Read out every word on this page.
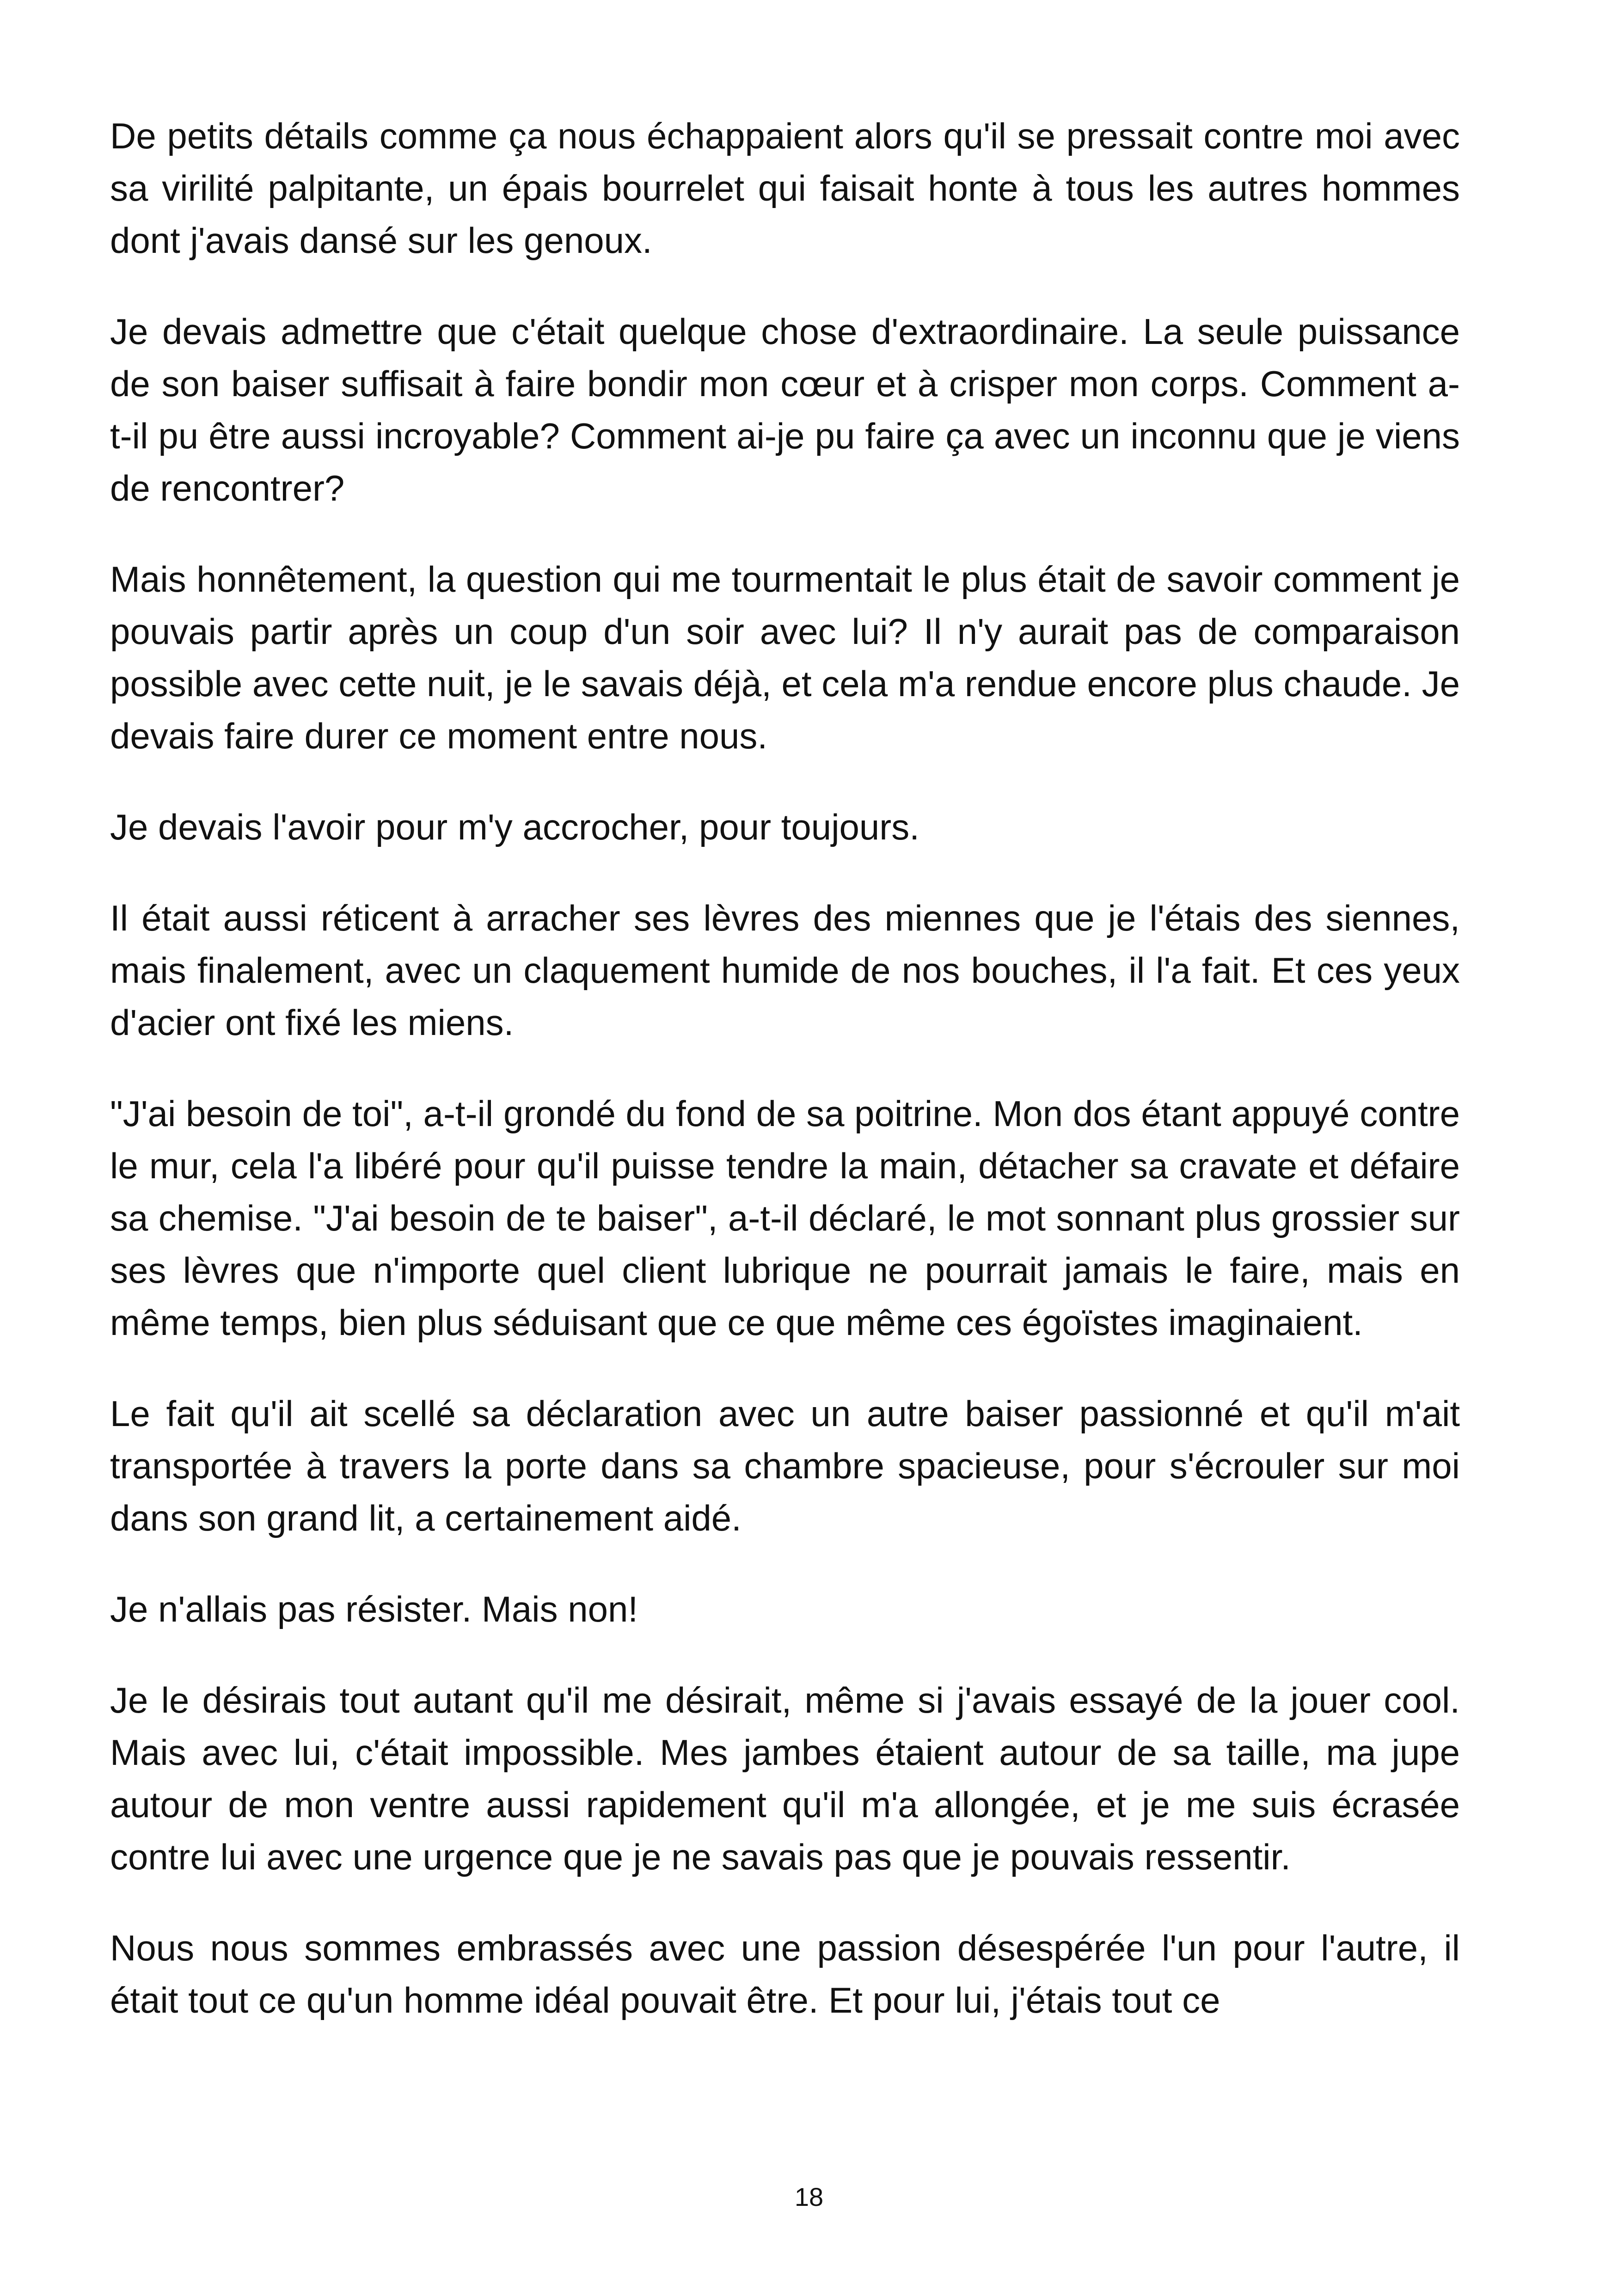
De petits détails comme ça nous échappaient alors qu'il se pressait contre moi avec sa virilité palpitante, un épais bourrelet qui faisait honte à tous les autres hommes dont j'avais dansé sur les genoux.

Je devais admettre que c'était quelque chose d'extraordinaire. La seule puissance de son baiser suffisait à faire bondir mon cœur et à crisper mon corps. Comment a-t-il pu être aussi incroyable? Comment ai-je pu faire ça avec un inconnu que je viens de rencontrer?

Mais honnêtement, la question qui me tourmentait le plus était de savoir comment je pouvais partir après un coup d'un soir avec lui? Il n'y aurait pas de comparaison possible avec cette nuit, je le savais déjà, et cela m'a rendue encore plus chaude. Je devais faire durer ce moment entre nous.

Je devais l'avoir pour m'y accrocher, pour toujours.

Il était aussi réticent à arracher ses lèvres des miennes que je l'étais des siennes, mais finalement, avec un claquement humide de nos bouches, il l'a fait. Et ces yeux d'acier ont fixé les miens.

"J'ai besoin de toi", a-t-il grondé du fond de sa poitrine. Mon dos étant appuyé contre le mur, cela l'a libéré pour qu'il puisse tendre la main, détacher sa cravate et défaire sa chemise. "J'ai besoin de te baiser", a-t-il déclaré, le mot sonnant plus grossier sur ses lèvres que n'importe quel client lubrique ne pourrait jamais le faire, mais en même temps, bien plus séduisant que ce que même ces égoïstes imaginaient.

Le fait qu'il ait scellé sa déclaration avec un autre baiser passionné et qu'il m'ait transportée à travers la porte dans sa chambre spacieuse, pour s'écrouler sur moi dans son grand lit, a certainement aidé.

Je n'allais pas résister. Mais non!

Je le désirais tout autant qu'il me désirait, même si j'avais essayé de la jouer cool. Mais avec lui, c'était impossible. Mes jambes étaient autour de sa taille, ma jupe autour de mon ventre aussi rapidement qu'il m'a allongée, et je me suis écrasée contre lui avec une urgence que je ne savais pas que je pouvais ressentir.

Nous nous sommes embrassés avec une passion désespérée l'un pour l'autre, il était tout ce qu'un homme idéal pouvait être. Et pour lui, j'étais tout ce

18
